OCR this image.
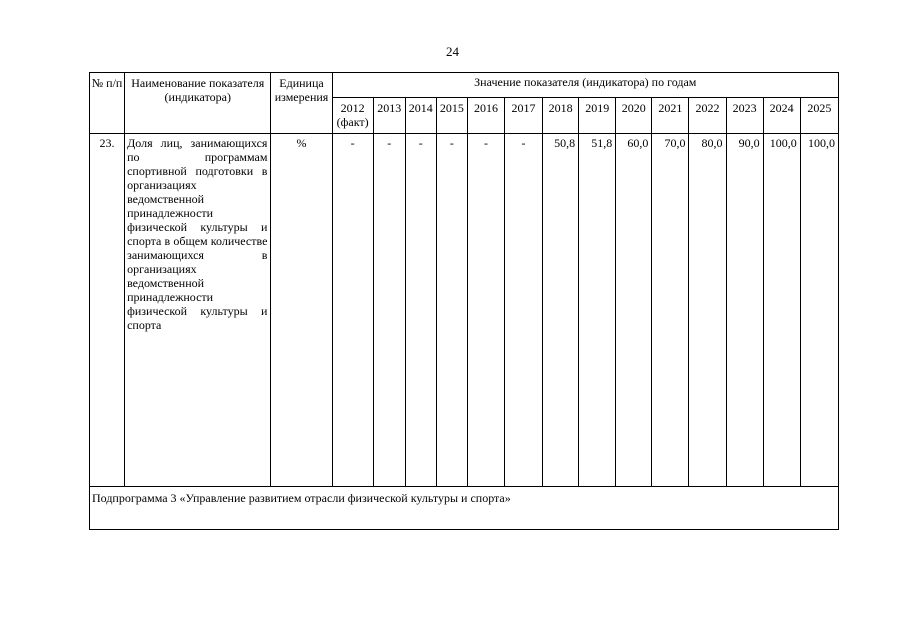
24
№ п/п	Наименование показателя (индикатора)	Единица измерения	Значение показателя (индикатора) по годам													
			2012 (факт)	2013	2014	2015	2016	2017	2018	2019	2020	2021	2022	2023	2024	2025
23.	Доля лиц, занимающихся по программам спортивной подготовки в организациях ведомственной принадлежности физической культуры и спорта в общем количестве занимающихся в организациях ведомственной принадлежности физической культуры и спорта	%	-	-	-	-	-	-	50,8	51,8	60,0	70,0	80,0	90,0	100,0	100,0
Подпрограмма 3 «Управление развитием отрасли физической культуры и спорта»																
